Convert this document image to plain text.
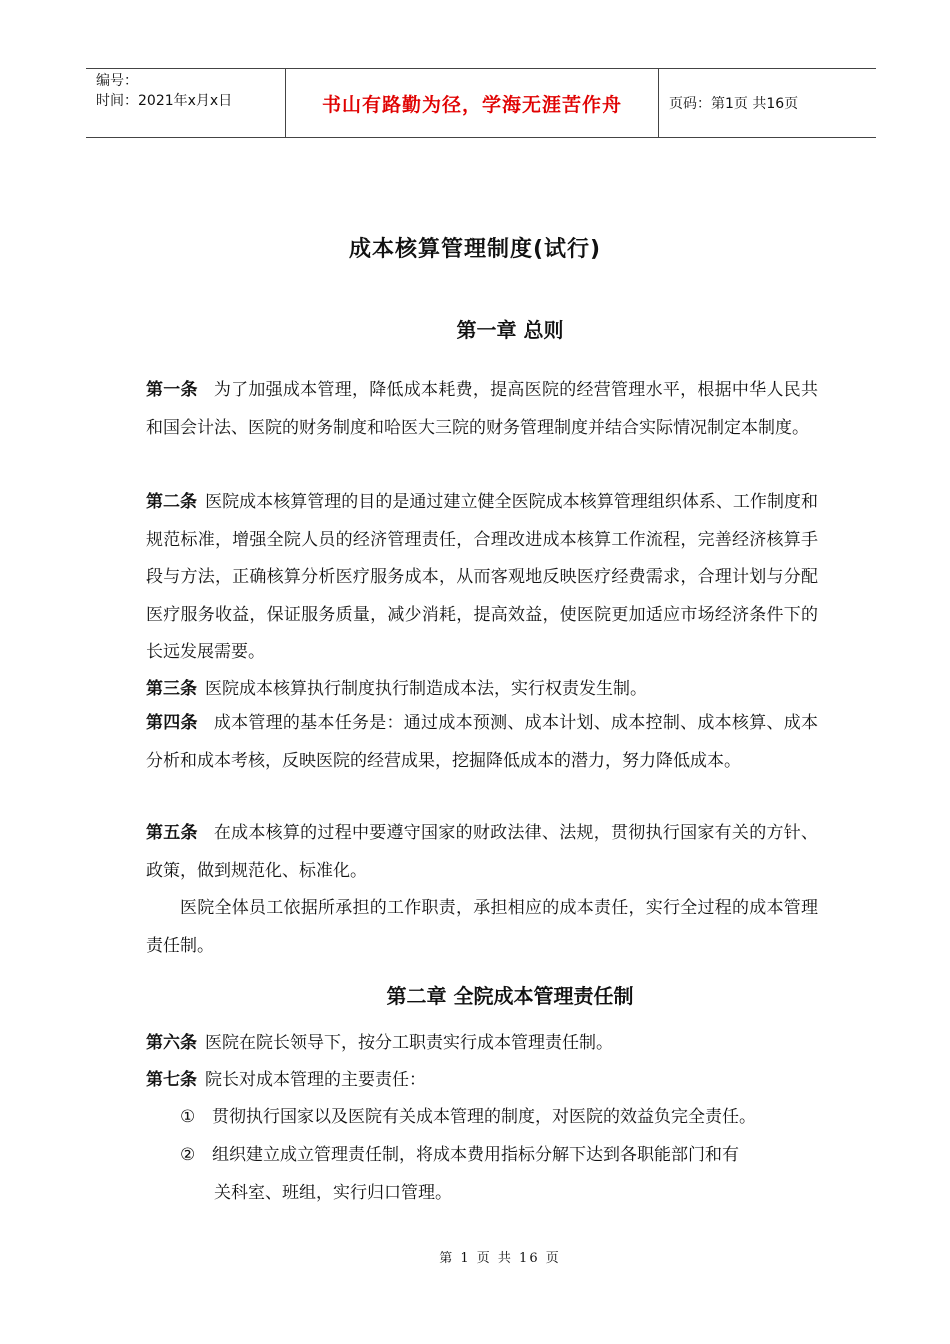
编号：
时间：2021年x月x日	书山有路勤为径，学海无涯苦作舟	页码：第1页 共16页
成本核算管理制度(试行)
第一章 总则
第一条 为了加强成本管理，降低成本耗费，提高医院的经营管理水平，根据中华人民共和国会计法、医院的财务制度和哈医大三院的财务管理制度并结合实际情况制定本制度。
第二条 医院成本核算管理的目的是通过建立健全医院成本核算管理组织体系、工作制度和规范标准，增强全院人员的经济管理责任，合理改进成本核算工作流程，完善经济核算手段与方法，正确核算分析医疗服务成本，从而客观地反映医疗经费需求，合理计划与分配医疗服务收益，保证服务质量，减少消耗，提高效益，使医院更加适应市场经济条件下的长远发展需要。
第三条 医院成本核算执行制度执行制造成本法，实行权责发生制。
第四条 成本管理的基本任务是：通过成本预测、成本计划、成本控制、成本核算、成本分析和成本考核，反映医院的经营成果，挖掘降低成本的潜力，努力降低成本。
第五条 在成本核算的过程中要遵守国家的财政法律、法规，贯彻执行国家有关的方针、政策，做到规范化、标准化。
医院全体员工依据所承担的工作职责，承担相应的成本责任，实行全过程的成本管理责任制。
第二章 全院成本管理责任制
第六条 医院在院长领导下，按分工职责实行成本管理责任制。
第七条 院长对成本管理的主要责任：
① 贯彻执行国家以及医院有关成本管理的制度，对医院的效益负完全责任。
② 组织建立成立管理责任制，将成本费用指标分解下达到各职能部门和有
关科室、班组，实行归口管理。
第 1 页 共 16 页
